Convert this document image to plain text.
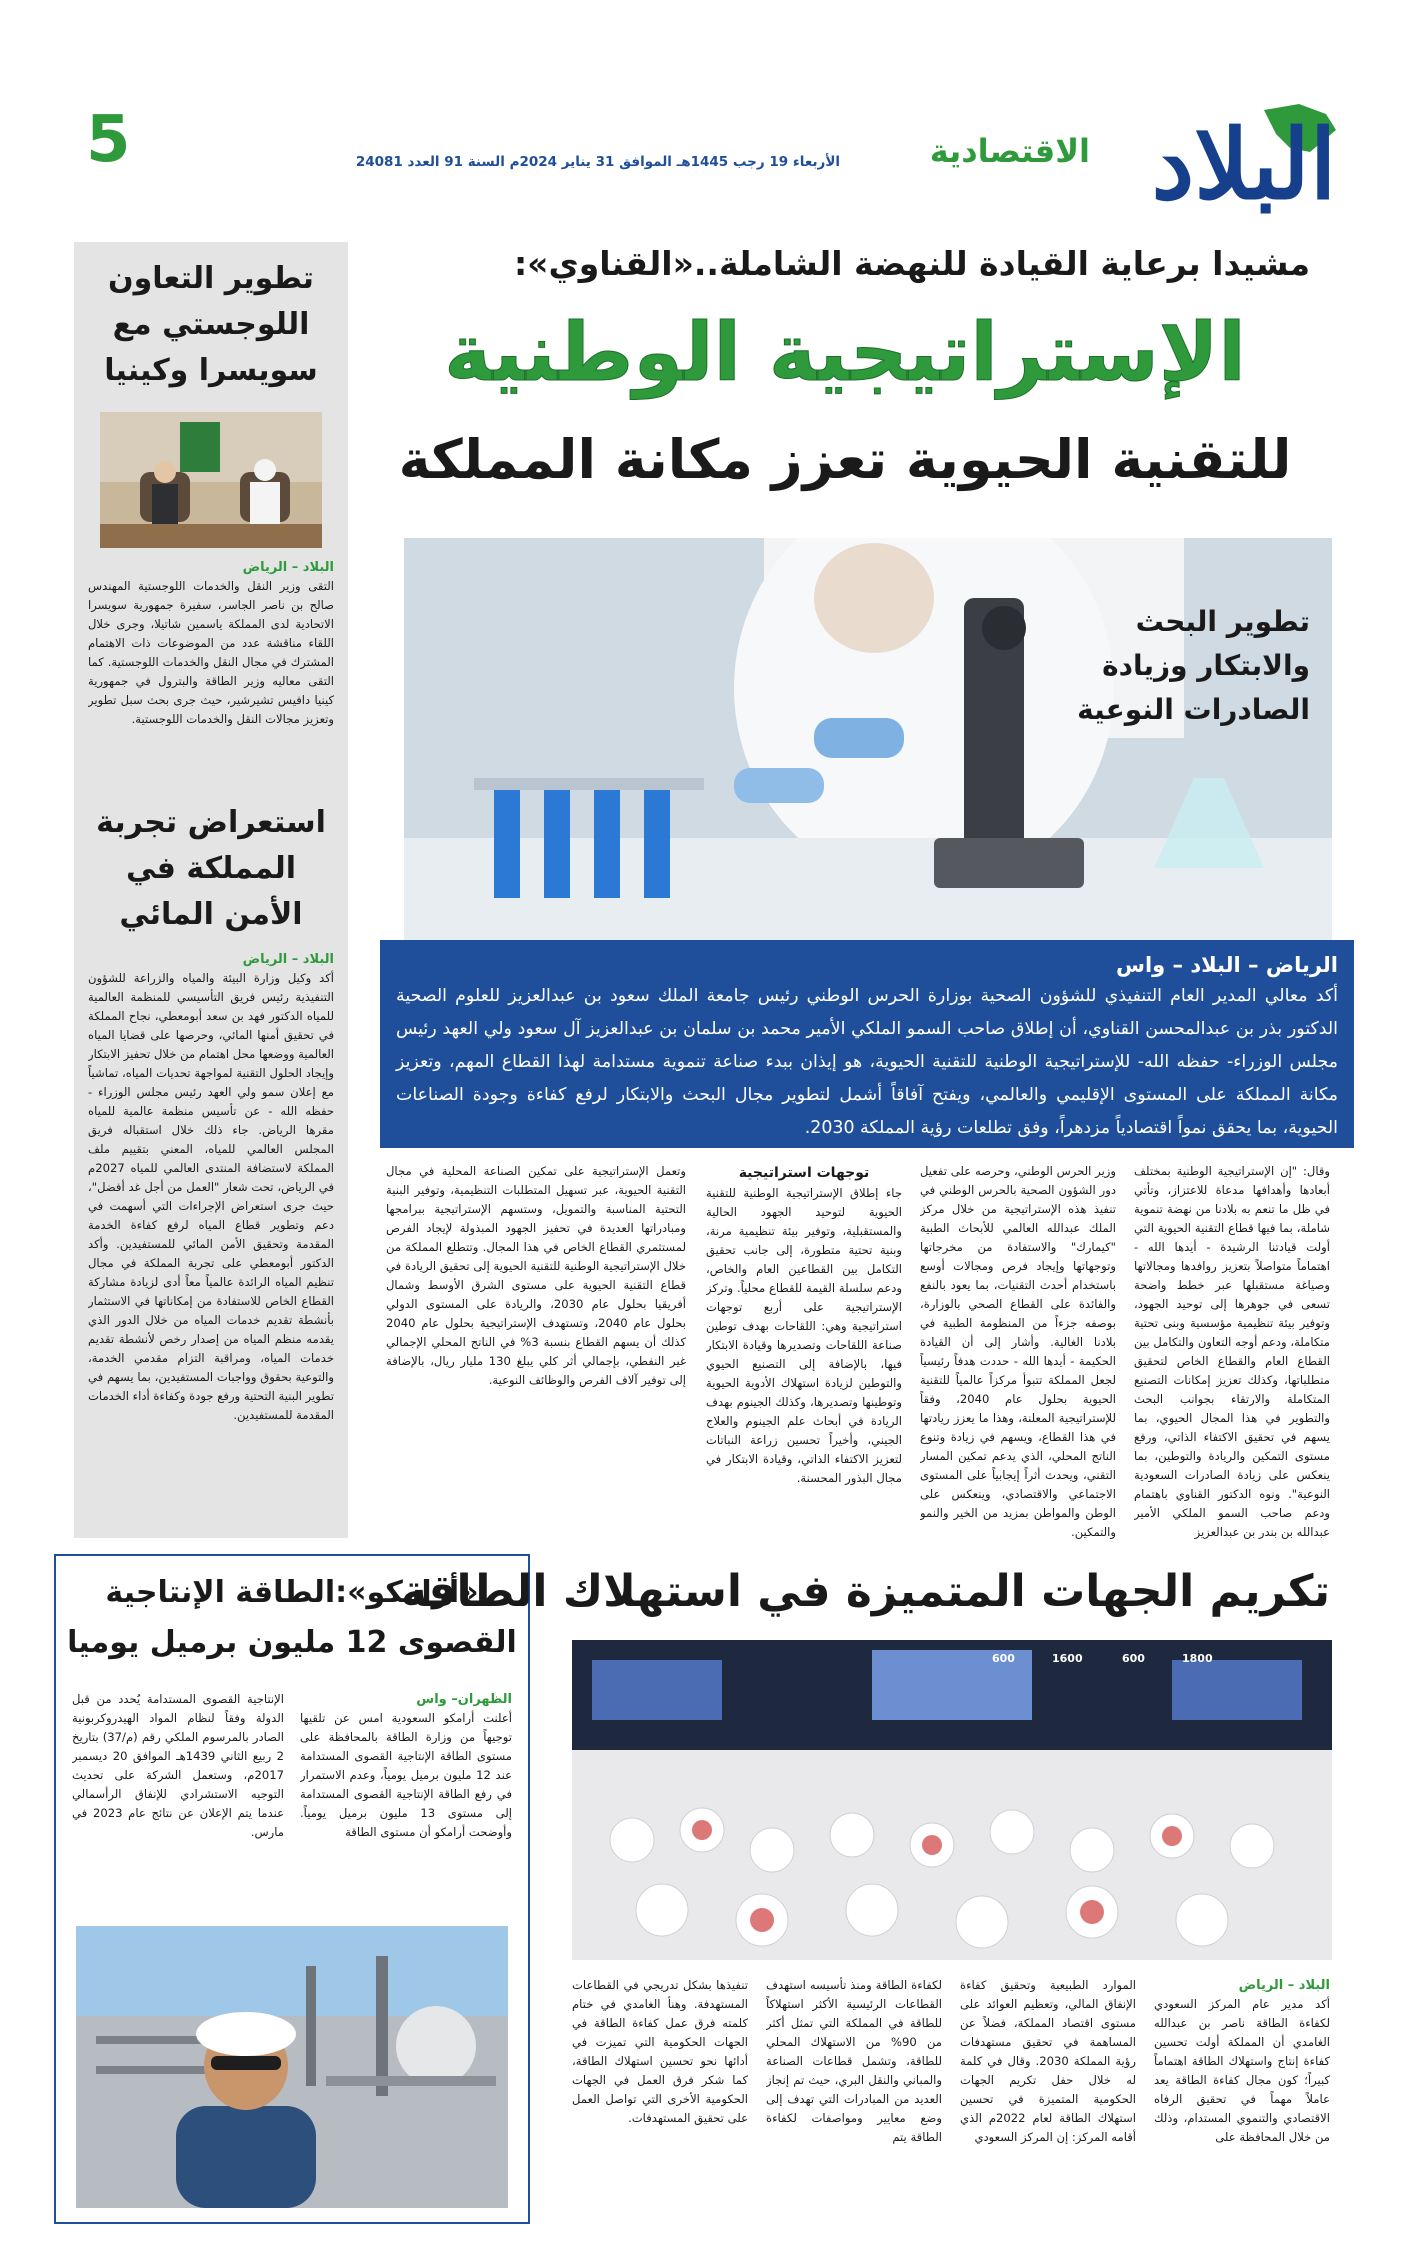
5	الأربعاء 19 رجب 1445هـ الموافق 31 يناير 2024م السنة 91 العدد 24081	الاقتصادية البلاد
مشيدا برعاية القيادة للنهضة الشاملة..«القناوي»:
الإستراتيجية الوطنية
للتقنية الحيوية تعزز مكانة المملكة
تطوير البحث
والابتكار وزيادة
الصادرات النوعية
الرياض – البلاد – واس
أكد معالي المدير العام التنفيذي للشؤون الصحية بوزارة الحرس الوطني رئيس جامعة الملك سعود بن عبدالعزيز للعلوم الصحية الدكتور بذر بن عبدالمحسن القناوي، أن إطلاق صاحب السمو الملكي الأمير محمد بن سلمان بن عبدالعزيز آل سعود ولي العهد رئيس مجلس الوزراء- حفظه الله- للإستراتيجية الوطنية للتقنية الحيوية، هو إيذان ببدء صناعة تنموية مستدامة لهذا القطاع المهم، وتعزيز مكانة المملكة على المستوى الإقليمي والعالمي، ويفتح آفاقاً أشمل لتطوير مجال البحث والابتكار لرفع كفاءة وجودة الصناعات الحيوية، بما يحقق نمواً اقتصادياً مزدهراً، وفق تطلعات رؤية المملكة 2030.

وقال: "إن الإستراتيجية الوطنية بمختلف أبعادها وأهدافها مدعاة للاعتزاز، وتأتي في ظل ما تنعم به بلادنا من نهضة تنموية شاملة، بما فيها قطاع التقنية الحيوية التي أولت قيادتنا الرشيدة - أيدها الله - اهتماماً متواصلاً بتعزيز روافدها ومجالاتها وصياغة مستقبلها عبر خطط واضحة تسعى في جوهرها إلى توحيد الجهود، وتوفير بيئة تنظيمية مؤسسية وبنى تحتية متكاملة، ودعم أوجه التعاون والتكامل بين القطاع العام والقطاع الخاص لتحقيق متطلباتها، وكذلك تعزيز إمكانات التصنيع المتكاملة والارتقاء بجوانب البحث والتطوير في هذا المجال الحيوي، بما يسهم في تحقيق الاكتفاء الذاتي، ورفع مستوى التمكين والريادة والتوطين، بما ينعكس على زيادة الصادرات السعودية النوعية". ونوه الدكتور القناوي باهتمام ودعم صاحب السمو الملكي الأمير عبدالله بن بندر بن عبدالعزيز

وزير الحرس الوطني، وحرصه على تفعيل دور الشؤون الصحية بالحرس الوطني في تنفيذ هذه الإستراتيجية من خلال مركز الملك عبدالله العالمي للأبحاث الطبية "كيمارك" والاستفادة من مخرجاتها وتوجهاتها وإيجاد فرص ومجالات أوسع باستخدام أحدث التقنيات، بما يعود بالنفع والفائدة على القطاع الصحي بالوزارة، بوصفه جزءاً من المنظومة الطبية في بلادنا الغالية. وأشار إلى أن القيادة الحكيمة - أيدها الله - حددت هدفاً رئيسياً لجعل المملكة تتبوأ مركزاً عالمياً للتقنية الحيوية بحلول عام 2040، وفقاً للإستراتيجية المعلنة، وهذا ما يعزز ريادتها في هذا القطاع، ويسهم في زيادة وتنوع الناتج المحلي، الذي يدعم تمكين المسار التقني، ويحدث أثراً إيجابياً على المستوى الاجتماعي والاقتصادي، وينعكس على الوطن والمواطن بمزيد من الخير والنمو والتمكين.

توجهات استراتيجية

جاء إطلاق الإستراتيجية الوطنية للتقنية الحيوية لتوحيد الجهود الحالية والمستقبلية، وتوفير بيئة تنظيمية مرنة، وبنية تحتية متطورة، إلى جانب تحقيق التكامل بين القطاعين العام والخاص، ودعم سلسلة القيمة للقطاع محلياً. وتركز الإستراتيجية على أربع توجهات استراتيجية وهي: اللقاحات بهدف توطين صناعة اللقاحات وتصديرها وقيادة الابتكار فيها، بالإضافة إلى التصنيع الحيوي والتوطين لزيادة استهلاك الأدوية الحيوية وتوطينها وتصديرها، وكذلك الجينوم بهدف الريادة في أبحاث علم الجينوم والعلاج الجيني، وأخيراً تحسين زراعة النباتات لتعزيز الاكتفاء الذاتي، وقيادة الابتكار في مجال البذور المحسنة.

وتعمل الإستراتيجية على تمكين الصناعة المحلية في مجال التقنية الحيوية، عبر تسهيل المتطلبات التنظيمية، وتوفير البنية التحتية المناسبة والتمويل، وستسهم الإستراتيجية ببرامجها ومبادراتها العديدة في تحفيز الجهود المبذولة لإيجاد الفرص لمستثمري القطاع الخاص في هذا المجال. وتتطلع المملكة من خلال الإستراتيجية الوطنية للتقنية الحيوية إلى تحقيق الريادة في قطاع التقنية الحيوية على مستوى الشرق الأوسط وشمال أفريقيا بحلول عام 2030، والريادة على المستوى الدولي بحلول عام 2040، وتستهدف الإستراتيجية بحلول عام 2040 كذلك أن يسهم القطاع بنسبة 3% في الناتج المحلي الإجمالي غير النفطي، بإجمالي أثر كلي يبلغ 130 مليار ريال، بالإضافة إلى توفير آلاف الفرص والوظائف النوعية.

تطوير التعاون
اللوجستي مع
سويسرا وكينيا

البلاد – الرياض

التقى وزير النقل والخدمات اللوجستية المهندس صالح بن ناصر الجاسر، سفيرة جمهورية سويسرا الاتحادية لدى المملكة ياسمين شاتيلا، وجرى خلال اللقاء مناقشة عدد من الموضوعات ذات الاهتمام المشترك في مجال النقل والخدمات اللوجستية. كما التقى معاليه وزير الطاقة والبترول في جمهورية كينيا دافيس تشيرشير، حيث جرى بحث سبل تطوير وتعزيز مجالات النقل والخدمات اللوجستية.

استعراض تجربة
المملكة في
الأمن المائي

البلاد – الرياض

أكد وكيل وزارة البيئة والمياه والزراعة للشؤون التنفيذية رئيس فريق التأسيسي للمنظمة العالمية للمياه الدكتور فهد بن سعد أبومعطي، نجاح المملكة في تحقيق أمنها المائي، وحرصها على قضايا المياه العالمية ووضعها محل اهتمام من خلال تحفيز الابتكار وإيجاد الحلول التقنية لمواجهة تحديات المياه، تماشياً مع إعلان سمو ولي العهد رئيس مجلس الوزراء - حفظه الله - عن تأسيس منظمة عالمية للمياه مقرها الرياض. جاء ذلك خلال استقباله فريق المجلس العالمي للمياه، المعني بتقييم ملف المملكة لاستضافة المنتدى العالمي للمياه 2027م في الرياض، تحت شعار "العمل من أجل غد أفضل"، حيث جرى استعراض الإجراءات التي أسهمت في دعم وتطوير قطاع المياه لرفع كفاءة الخدمة المقدمة وتحقيق الأمن المائي للمستفيدين. وأكد الدكتور أبومعطي على تجربة المملكة في مجال تنظيم المياه الرائدة عالمياً معاً أدى لزيادة مشاركة القطاع الخاص للاستفادة من إمكاناتها في الاستثمار بأنشطة تقديم خدمات المياه من خلال الدور الذي يقدمه منظم المياه من إصدار رخص لأنشطة تقديم خدمات المياه، ومراقبة التزام مقدمي الخدمة، والتوعية بحقوق وواجبات المستفيدين، بما يسهم في تطوير البنية التحتية ورفع جودة وكفاءة أداء الخدمات المقدمة للمستفيدين.

«أرامكو»:الطاقة الإنتاجية
القصوى 12 مليون برميل يوميا

الظهران– واس

أعلنت أرامكو السعودية امس عن تلقيها توجيهاً من وزارة الطاقة بالمحافظة على مستوى الطاقة الإنتاجية القصوى المستدامة عند 12 مليون برميل يومياً، وعدم الاستمرار في رفع الطاقة الإنتاجية القصوى المستدامة إلى مستوى 13 مليون برميل يومياً. وأوضحت أرامكو أن مستوى الطاقة

الإنتاجية القصوى المستدامة يُحدد من قبل الدولة وفقاً لنظام المواد الهيدروكربونية الصادر بالمرسوم الملكي رقم (م/37) بتاريخ 2 ربيع الثاني 1439هـ الموافق 20 ديسمبر 2017م، وستعمل الشركة على تحديث التوجيه الاستشرادي للإنفاق الرأسمالي عندما يتم الإعلان عن نتائج عام 2023 في مارس.

تكريم الجهات المتميزة في استهلاك الطاقة
600	1600	600	1800

البلاد – الرياض

أكد مدير عام المركز السعودي لكفاءة الطاقة ناصر بن عبدالله الغامدي أن المملكة أولت تحسين كفاءة إنتاج واستهلاك الطاقة اهتماماً كبيراً؛ كون مجال كفاءة الطاقة يعد عاملاً مهماً في تحقيق الرفاه الاقتصادي والتنموي المستدام، وذلك من خلال المحافظة على

الموارد الطبيعية وتحقيق كفاءة الإنفاق المالي، وتعظيم العوائد على مستوى اقتصاد المملكة، فضلاً عن المساهمة في تحقيق مستهدفات رؤية المملكة 2030. وقال في كلمة له خلال حفل تكريم الجهات الحكومية المتميزة في تحسين استهلاك الطاقة لعام 2022م الذي أقامه المركز: إن المركز السعودي

لكفاءة الطاقة ومنذ تأسيسه استهدف القطاعات الرئيسية الأكثر استهلاكاً للطاقة في المملكة التي تمثل أكثر من 90% من الاستهلاك المحلي للطاقة، وتشمل قطاعات الصناعة والمباني والنقل البري، حيث تم إنجاز العديد من المبادرات التي تهدف إلى وضع معايير ومواصفات لكفاءة الطاقة يتم

تنفيذها بشكل تدريجي في القطاعات المستهدفة. وهنأ الغامدي في ختام كلمته فرق عمل كفاءة الطاقة في الجهات الحكومية التي تميزت في أدائها نحو تحسين استهلاك الطاقة، كما شكر فرق العمل في الجهات الحكومية الأخرى التي تواصل العمل على تحقيق المستهدفات.
